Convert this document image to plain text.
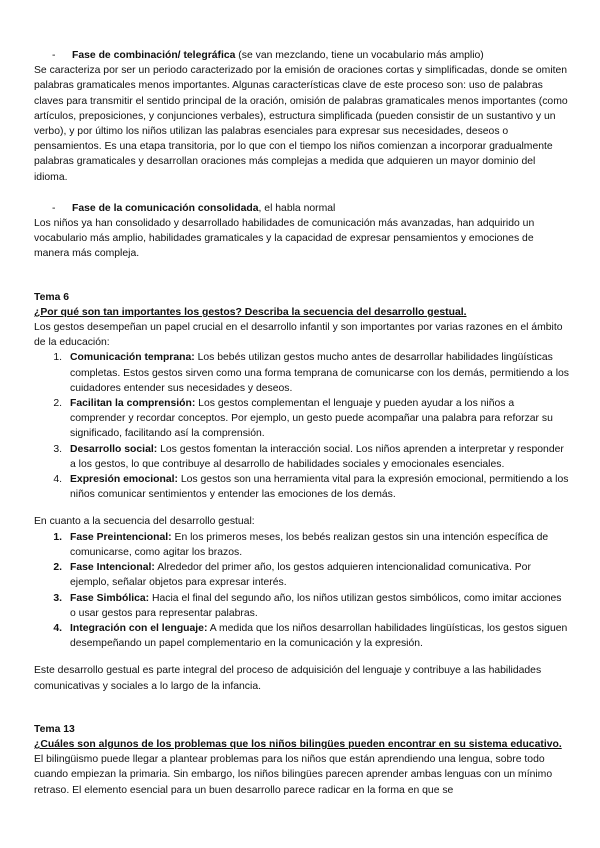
-	Fase de combinación/ telegráfica (se van mezclando, tiene un vocabulario más amplio)

Se caracteriza por ser un periodo caracterizado por la emisión de oraciones cortas y simplificadas, donde se omiten palabras gramaticales menos importantes. Algunas características clave de este proceso son: uso de palabras claves para transmitir el sentido principal de la oración, omisión de palabras gramaticales menos importantes (como artículos, preposiciones, y conjunciones verbales), estructura simplificada (pueden consistir de un sustantivo y un verbo), y por último los niños utilizan las palabras esenciales para expresar sus necesidades, deseos o pensamientos. Es una etapa transitoria, por lo que con el tiempo los niños comienzan a incorporar gradualmente palabras gramaticales y desarrollan oraciones más complejas a medida que adquieren un mayor dominio del idioma.

-	Fase de la comunicación consolidada, el habla normal

Los niños ya han consolidado y desarrollado habilidades de comunicación más avanzadas, han adquirido un vocabulario más amplio, habilidades gramaticales y la capacidad de expresar pensamientos y emociones de manera más compleja.

Tema 6
¿Por qué son tan importantes los gestos? Describa la secuencia del desarrollo gestual.

Los gestos desempeñan un papel crucial en el desarrollo infantil y son importantes por varias razones en el ámbito de la educación:

1. Comunicación temprana: Los bebés utilizan gestos mucho antes de desarrollar habilidades lingüísticas completas. Estos gestos sirven como una forma temprana de comunicarse con los demás, permitiendo a los cuidadores entender sus necesidades y deseos.
2. Facilitan la comprensión: Los gestos complementan el lenguaje y pueden ayudar a los niños a comprender y recordar conceptos. Por ejemplo, un gesto puede acompañar una palabra para reforzar su significado, facilitando así la comprensión.
3. Desarrollo social: Los gestos fomentan la interacción social. Los niños aprenden a interpretar y responder a los gestos, lo que contribuye al desarrollo de habilidades sociales y emocionales esenciales.
4. Expresión emocional: Los gestos son una herramienta vital para la expresión emocional, permitiendo a los niños comunicar sentimientos y entender las emociones de los demás.

En cuanto a la secuencia del desarrollo gestual:

1. Fase Preintencional: En los primeros meses, los bebés realizan gestos sin una intención específica de comunicarse, como agitar los brazos.
2. Fase Intencional: Alrededor del primer año, los gestos adquieren intencionalidad comunicativa. Por ejemplo, señalar objetos para expresar interés.
3. Fase Simbólica: Hacia el final del segundo año, los niños utilizan gestos simbólicos, como imitar acciones o usar gestos para representar palabras.
4. Integración con el lenguaje: A medida que los niños desarrollan habilidades lingüísticas, los gestos siguen desempeñando un papel complementario en la comunicación y la expresión.

Este desarrollo gestual es parte integral del proceso de adquisición del lenguaje y contribuye a las habilidades comunicativas y sociales a lo largo de la infancia.

Tema 13
¿Cuáles son algunos de los problemas que los niños bilingües pueden encontrar en su sistema educativo.

El bilingüismo puede llegar a plantear problemas para los niños que están aprendiendo una lengua, sobre todo cuando empiezan la primaria. Sin embargo, los niños bilingües parecen aprender ambas lenguas con un mínimo retraso. El elemento esencial para un buen desarrollo parece radicar en la forma en que se
